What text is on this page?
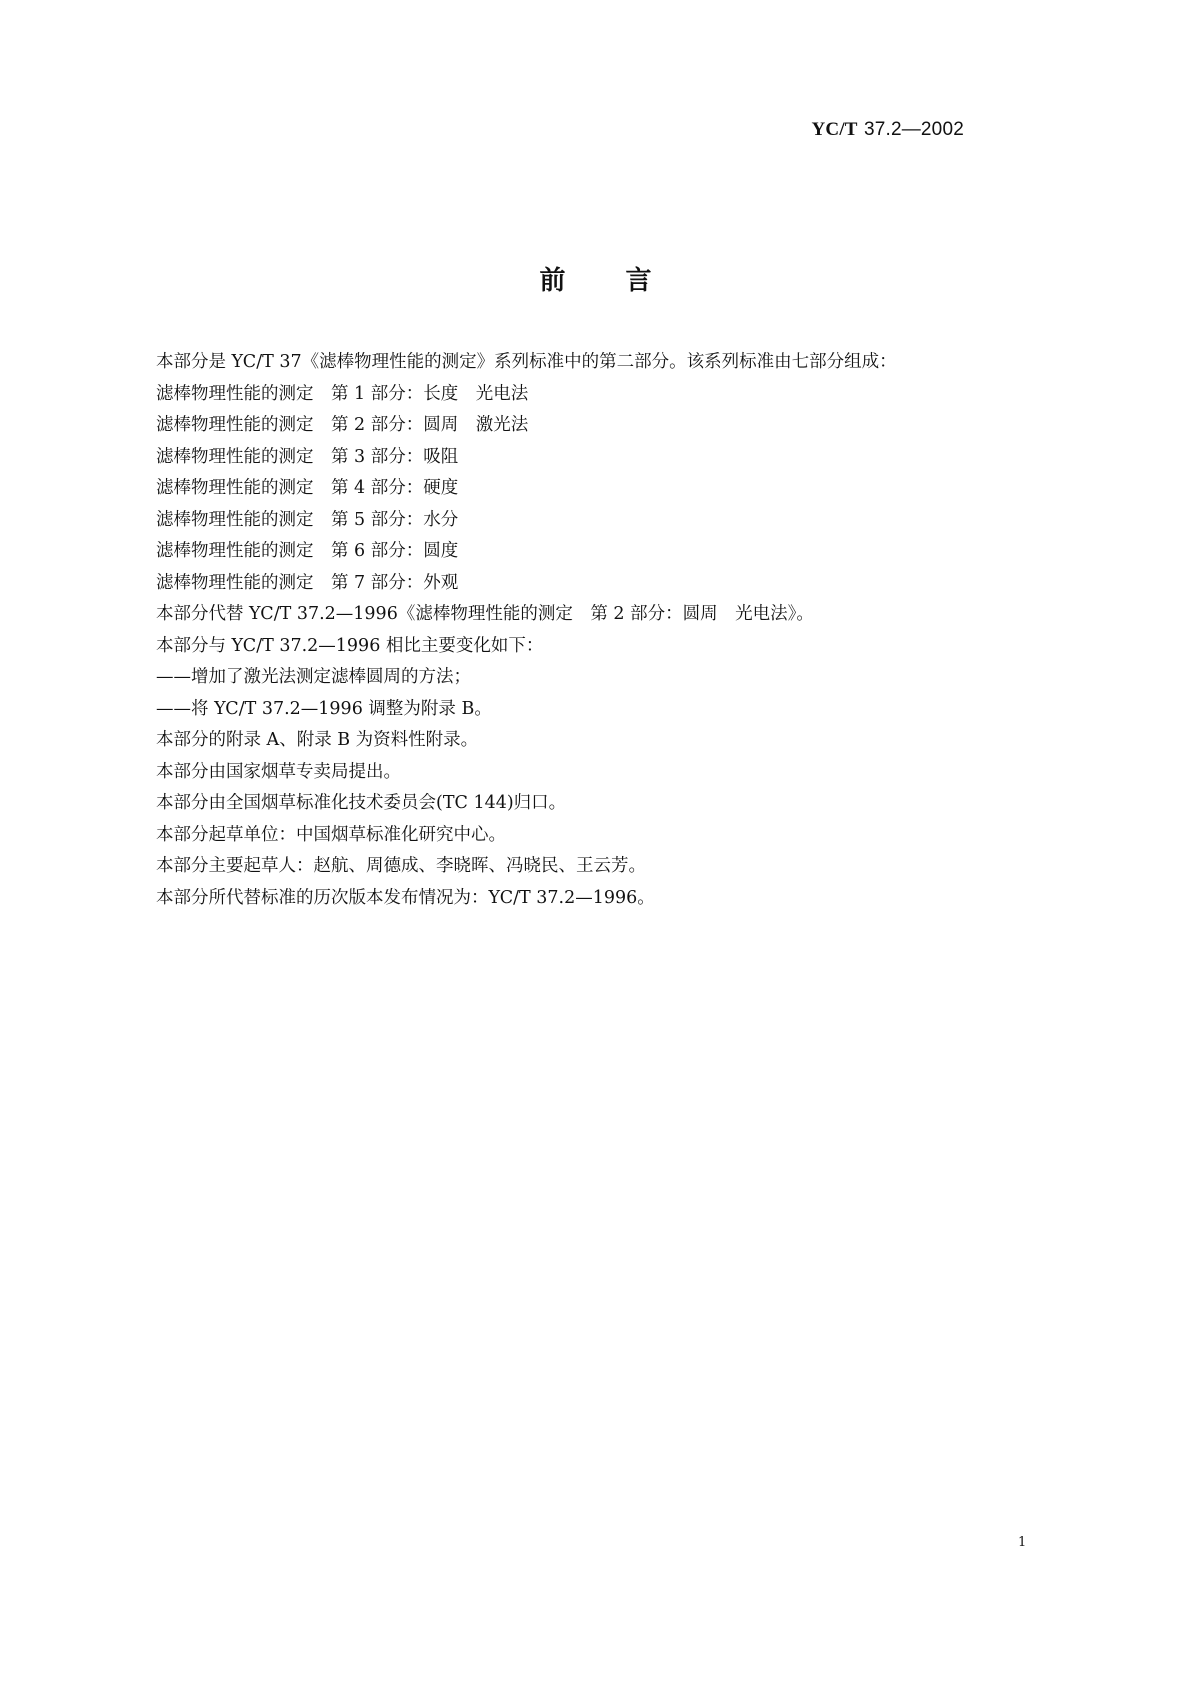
YC/T 37.2—2002
前 言
本部分是 YC/T 37《滤棒物理性能的测定》系列标准中的第二部分。该系列标准由七部分组成：
滤棒物理性能的测定　第 1 部分：长度　光电法
滤棒物理性能的测定　第 2 部分：圆周　激光法
滤棒物理性能的测定　第 3 部分：吸阻
滤棒物理性能的测定　第 4 部分：硬度
滤棒物理性能的测定　第 5 部分：水分
滤棒物理性能的测定　第 6 部分：圆度
滤棒物理性能的测定　第 7 部分：外观
本部分代替 YC/T 37.2—1996《滤棒物理性能的测定　第 2 部分：圆周　光电法》。
本部分与 YC/T 37.2—1996 相比主要变化如下：
——增加了激光法测定滤棒圆周的方法；
——将 YC/T 37.2—1996 调整为附录 B。
本部分的附录 A、附录 B 为资料性附录。
本部分由国家烟草专卖局提出。
本部分由全国烟草标准化技术委员会(TC 144)归口。
本部分起草单位：中国烟草标准化研究中心。
本部分主要起草人：赵航、周德成、李晓晖、冯晓民、王云芳。
本部分所代替标准的历次版本发布情况为：YC/T 37.2—1996。
1
